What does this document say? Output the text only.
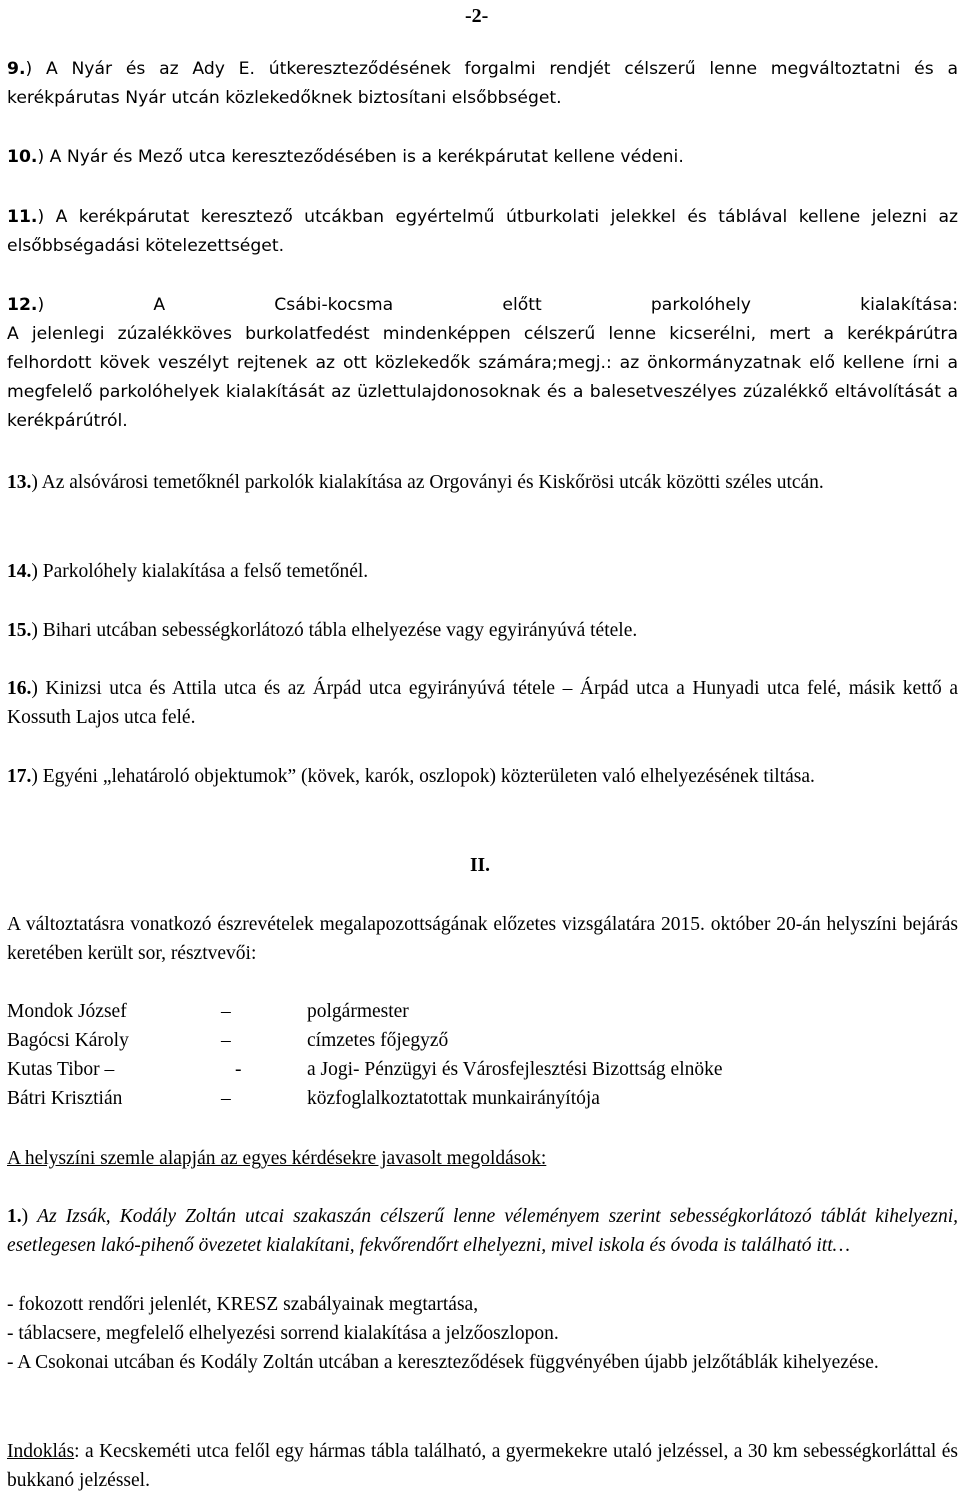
-2-
9.) A Nyár és az Ady E. útkereszteződésének forgalmi rendjét célszerű lenne megváltoztatni és a kerékpárutas Nyár utcán közlekedőknek biztosítani elsőbbséget.
10.) A Nyár és Mező utca kereszteződésében is a kerékpárutat kellene védeni.
11.) A kerékpárutat keresztező utcákban egyértelmű útburkolati jelekkel és táblával kellene jelezni az elsőbbségadási kötelezettséget.
12.) A Csábi-kocsma előtt parkolóhely kialakítása:
A jelenlegi zúzalékköves burkolatfedést mindenképpen célszerű lenne kicserélni, mert a kerékpárútra felhordott kövek veszélyt rejtenek az ott közlekedők számára;megj.: az önkormányzatnak elő kellene írni a megfelelő parkolóhelyek kialakítását az üzlettulajdonosoknak és a balesetveszélyes zúzalékkő eltávolítását a kerékpárútról.
13.) Az alsóvárosi temetőknél parkolók kialakítása az Orgoványi és Kiskőrösi utcák közötti széles utcán.
14.) Parkolóhely kialakítása a felső temetőnél.
15.) Bihari utcában sebességkorlátozó tábla elhelyezése vagy egyirányúvá tétele.
16.) Kinizsi utca és Attila utca és az Árpád utca egyirányúvá tétele – Árpád utca a Hunyadi utca felé, másik kettő a Kossuth Lajos utca felé.
17.) Egyéni „lehatároló objektumok” (kövek, karók, oszlopok) közterületen való elhelyezésének tiltása.
II.
A változtatásra vonatkozó észrevételek megalapozottságának előzetes vizsgálatára 2015. október 20-án helyszíni bejárás keretében került sor, résztvevői:
Mondok József	–	polgármester
Bagócsi Károly	–	címzetes főjegyző
Kutas Tibor –	-	a Jogi- Pénzügyi és Városfejlesztési Bizottság elnöke
Bátri Krisztián	–	közfoglalkoztatottak munkairányítója
A helyszíni szemle alapján az egyes kérdésekre javasolt megoldások:
1.) Az Izsák, Kodály Zoltán utcai szakaszán célszerű lenne véleményem szerint sebességkorlátozó táblát kihelyezni, esetlegesen lakó-pihenő övezetet kialakítani, fekvőrendőrt elhelyezni, mivel iskola és óvoda is található itt…
- fokozott rendőri jelenlét, KRESZ szabályainak megtartása,
- táblacsere, megfelelő elhelyezési sorrend kialakítása a jelzőoszlopon.
- A Csokonai utcában és Kodály Zoltán utcában a kereszteződések függvényében újabb jelzőtáblák kihelyezése.
Indoklás: a Kecskeméti utca felől egy hármas tábla található, a gyermekekre utaló jelzéssel, a 30 km sebességkorláttal és bukkanó jelzéssel.
